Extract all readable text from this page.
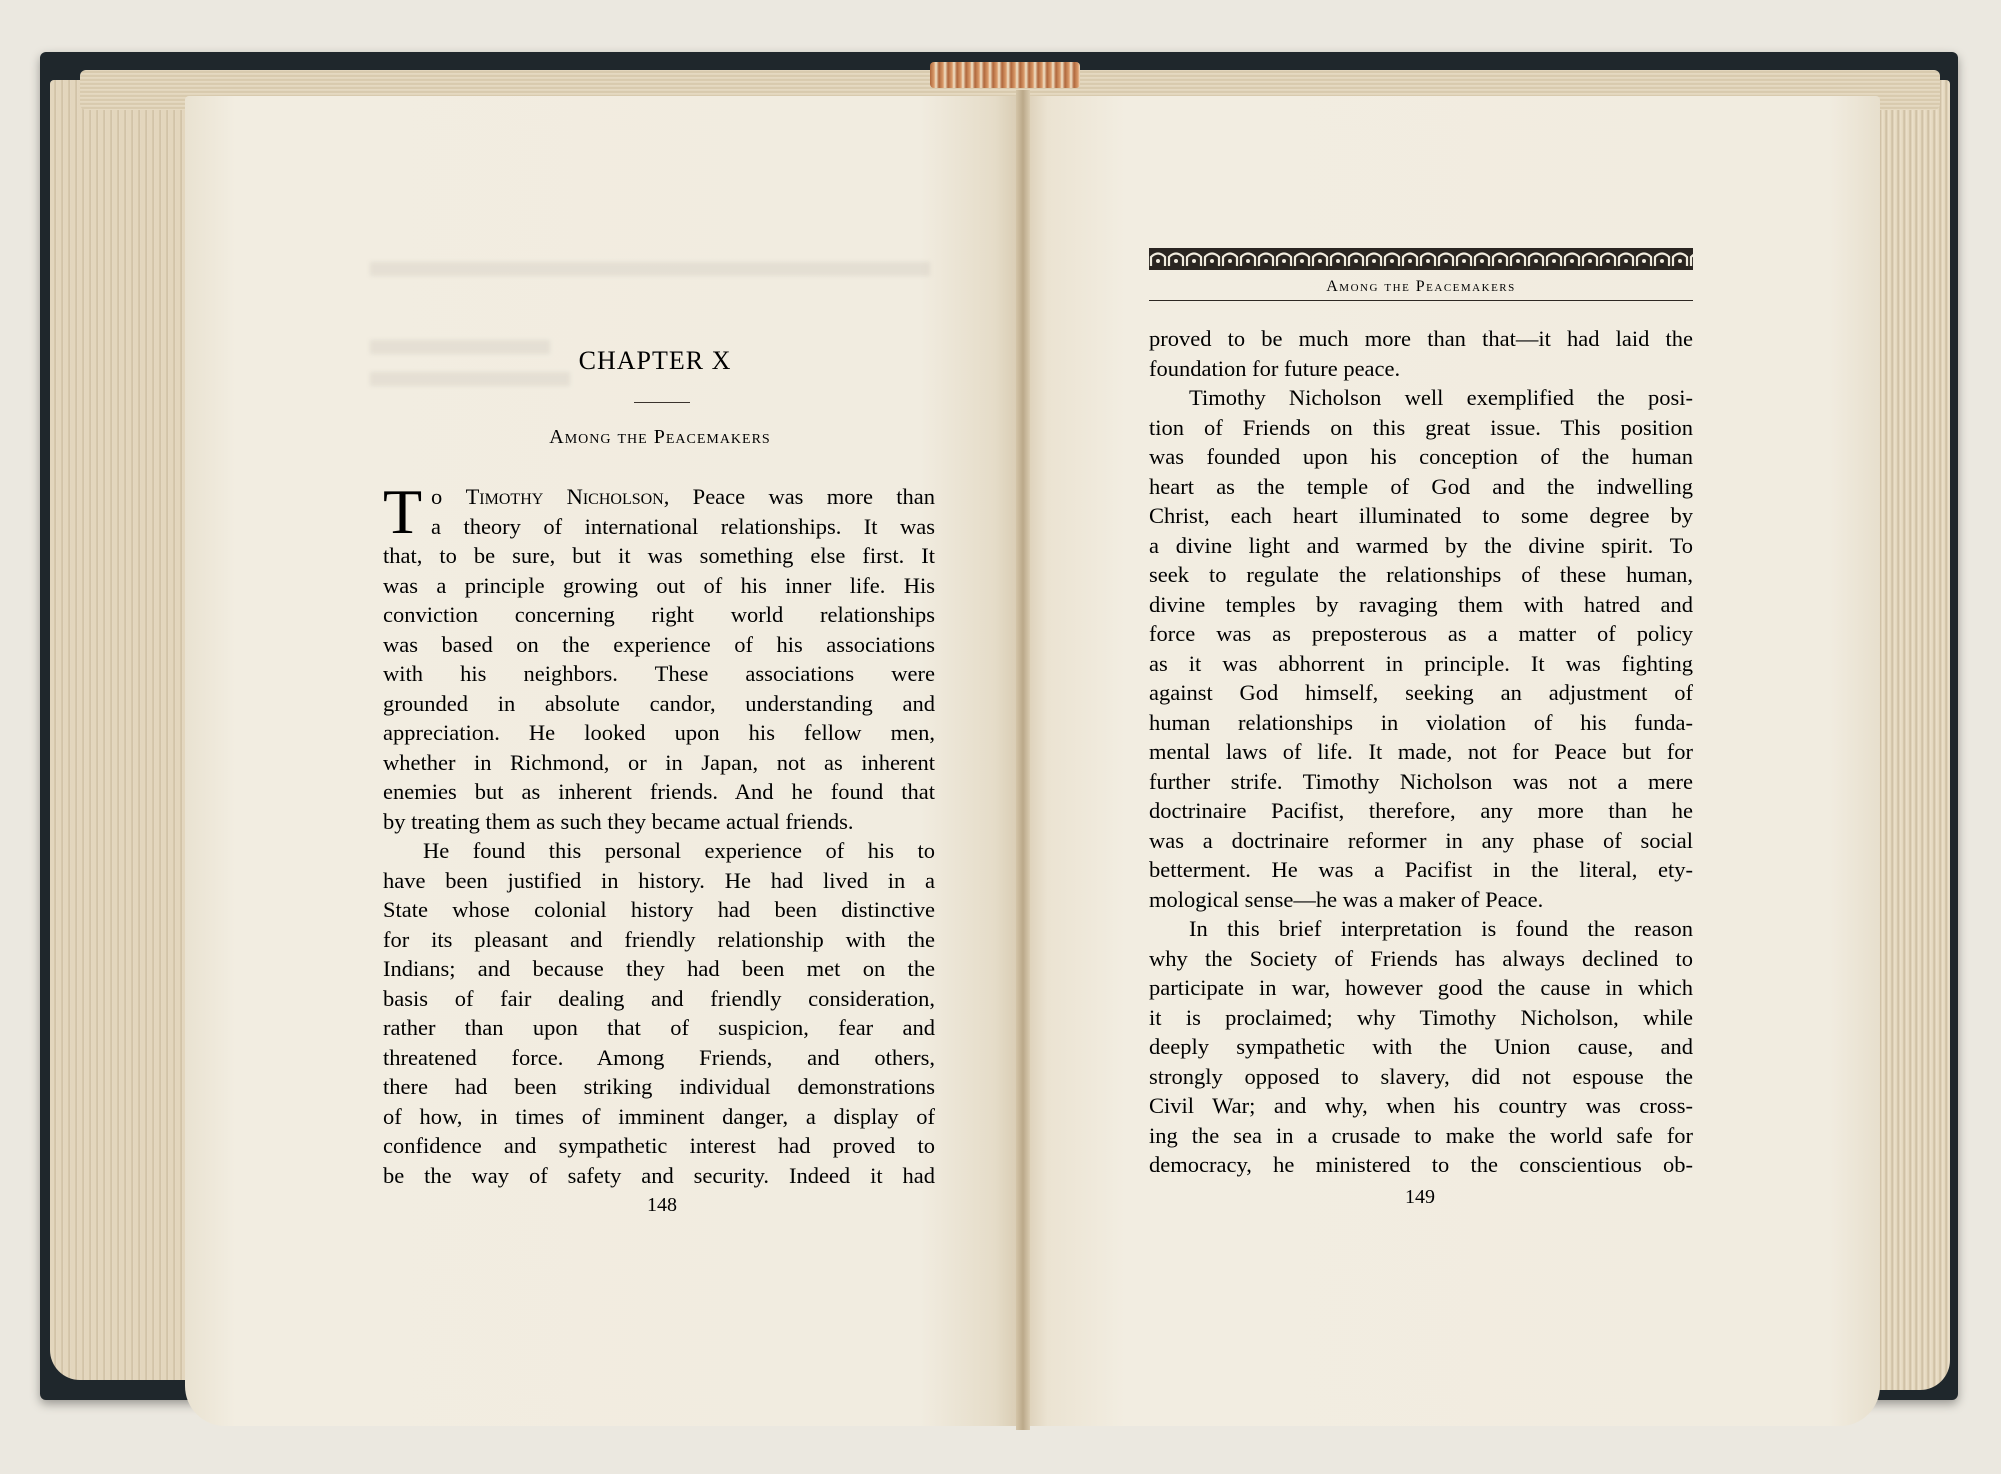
CHAPTER X
Among the Peacemakers
T o Timothy Nicholson, Peace was more than
a theory of international relationships. It was
that, to be sure, but it was something else first. It
was a principle growing out of his inner life. His
conviction concerning right world relationships
was based on the experience of his associations
with his neighbors. These associations were
grounded in absolute candor, understanding and
appreciation. He looked upon his fellow men,
whether in Richmond, or in Japan, not as inherent
enemies but as inherent friends. And he found that
by treating them as such they became actual friends.
He found this personal experience of his to
have been justified in history. He had lived in a
State whose colonial history had been distinctive
for its pleasant and friendly relationship with the
Indians; and because they had been met on the
basis of fair dealing and friendly consideration,
rather than upon that of suspicion, fear and
threatened force. Among Friends, and others,
there had been striking individual demonstrations
of how, in times of imminent danger, a display of
confidence and sympathetic interest had proved to
be the way of safety and security. Indeed it had
148
Among the Peacemakers
proved to be much more than that—it had laid the
foundation for future peace.
Timothy Nicholson well exemplified the posi-
tion of Friends on this great issue. This position
was founded upon his conception of the human
heart as the temple of God and the indwelling
Christ, each heart illuminated to some degree by
a divine light and warmed by the divine spirit. To
seek to regulate the relationships of these human,
divine temples by ravaging them with hatred and
force was as preposterous as a matter of policy
as it was abhorrent in principle. It was fighting
against God himself, seeking an adjustment of
human relationships in violation of his funda-
mental laws of life. It made, not for Peace but for
further strife. Timothy Nicholson was not a mere
doctrinaire Pacifist, therefore, any more than he
was a doctrinaire reformer in any phase of social
betterment. He was a Pacifist in the literal, ety-
mological sense—he was a maker of Peace.
In this brief interpretation is found the reason
why the Society of Friends has always declined to
participate in war, however good the cause in which
it is proclaimed; why Timothy Nicholson, while
deeply sympathetic with the Union cause, and
strongly opposed to slavery, did not espouse the
Civil War; and why, when his country was cross-
ing the sea in a crusade to make the world safe for
democracy, he ministered to the conscientious ob-
149
